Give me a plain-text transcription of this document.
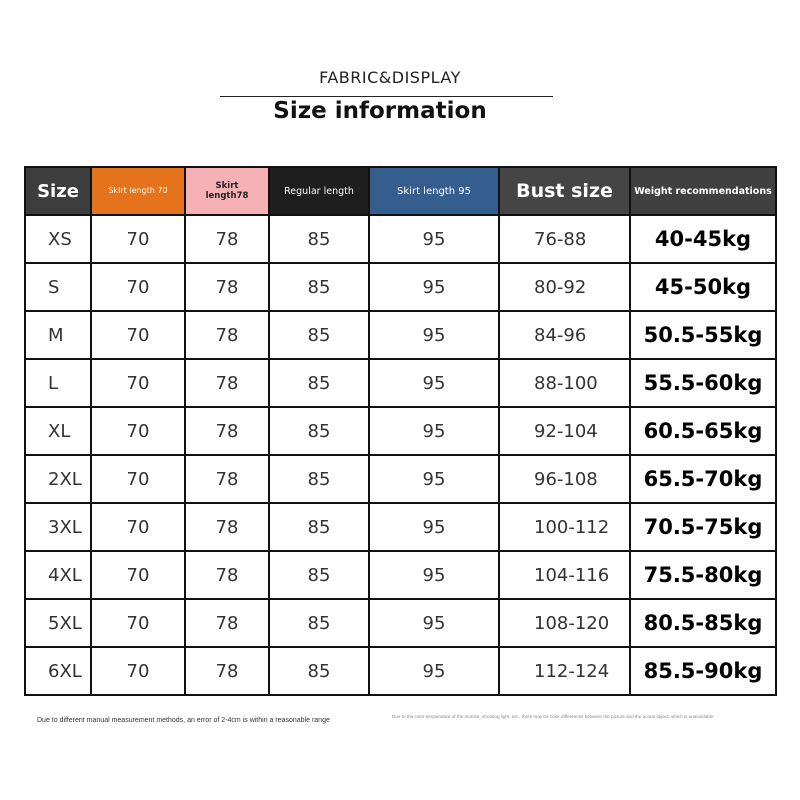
FABRIC&DISPLAY
Size information
Size	Skirt length 70	Skirt length78	Regular length	Skirt length 95	Bust size	Weight recommendations
XS	70	78	85	95	76-88	40-45kg
S	70	78	85	95	80-92	45-50kg
M	70	78	85	95	84-96	50.5-55kg
L	70	78	85	95	88-100	55.5-60kg
XL	70	78	85	95	92-104	60.5-65kg
2XL	70	78	85	95	96-108	65.5-70kg
3XL	70	78	85	95	100-112	70.5-75kg
4XL	70	78	85	95	104-116	75.5-80kg
5XL	70	78	85	95	108-120	80.5-85kg
6XL	70	78	85	95	112-124	85.5-90kg
Due to different manual measurement methods, an error of 2-4cm is within a reasonable range
Due to the color temperature of the monitor, shooting light, etc., there may be color differences between the picture and the actual object, which is unavoidable
